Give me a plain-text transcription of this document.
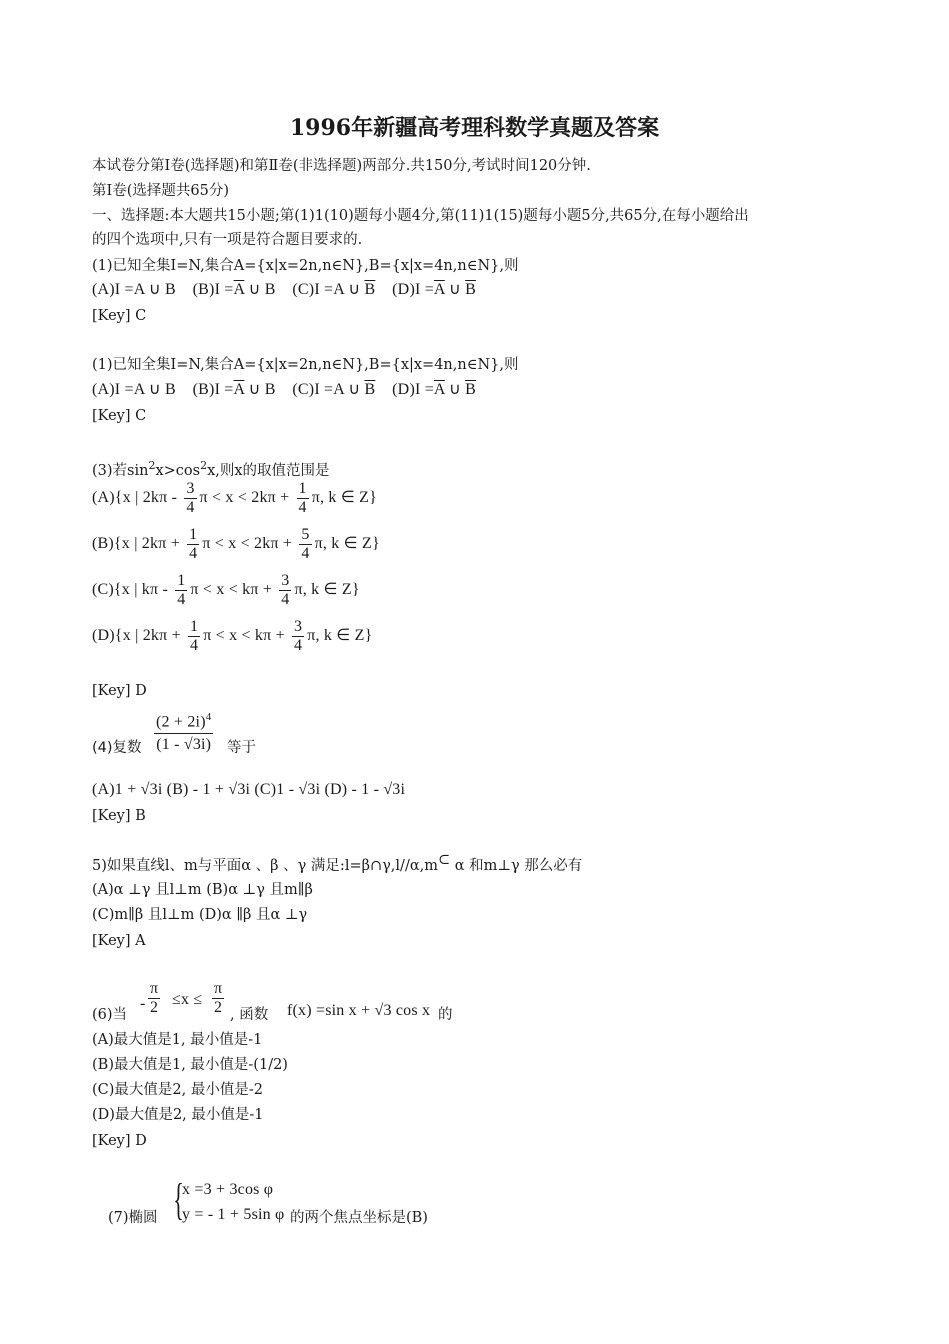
1996年新疆高考理科数学真题及答案
本试卷分第Ⅰ卷(选择题)和第Ⅱ卷(非选择题)两部分.共150分,考试时间120分钟.
第Ⅰ卷(选择题共65分)
一、选择题:本大题共15小题;第(1)1(10)题每小题4分,第(11)1(15)题每小题5分,共65分,在每小题给出
的四个选项中,只有一项是符合题目要求的.
(1)已知全集I=N,集合A={x|x=2n,n∈N},B={x|x=4n,n∈N},则
(A)I =A ∪ B $(B)I =\overline{A}$ ∪ B (C)I =A ∪ $\overline{B}$ $(D)I =\overline{A}$ ∪ $\overline{B}$
[Key] C
(1)已知全集I=N,集合A={x|x=2n,n∈N},B={x|x=4n,n∈N},则
(A)I =A ∪ B $(B)I =\overline{A}$ ∪ B (C)I =A ∪ $\overline{B}$ $(D)I =\overline{A}$ ∪ $\overline{B}$
[Key] C
(3)若$\sin^2x>\cos^2x$,则x的取值范围是
(A){x | $2k\pi - \frac{3}{4}$ $\pi < x < 2k\pi + \frac{1}{4} \pi$, k ∈ Z}
(B){x | $2k\pi + \frac{1}{4}$ $\pi < x < 2k\pi + \frac{5}{4} \pi$, k ∈ Z}
(C){x | kπ - $\frac{1}{4}$ $\pi < x < k\pi + \frac{3}{4} \pi$, k ∈ Z}
(D){x | $2k\pi + \frac{1}{4}$ $\pi < x < k\pi + \frac{3}{4} \pi$, k ∈ Z}
[Key] D
(4)复数
$(2 + 2i)^4$
(1 - √3i) 等于
(A)1 + √3i (B) - 1 + √3i (C)1 - √3i (D) - 1 - √3i
[Key] B
5)如果直线l、m与平面α 、β 、γ 满足:l=β∩γ,l//α,m⊂ α 和m⊥γ 那么必有
(A)α ⊥γ 且l⊥m (B)α ⊥γ 且m∥β
(C)m∥β 且l⊥m (D)α ∥β 且α ⊥γ
[Key] A
(6)当
-
π
2 ≤x ≤
π
2 , 函数 f(x) =sin x + √3 cos x 的
(A)最大值是1, 最小值是-1
(B)最大值是1, 最小值是-(1/2)
(C)最大值是2, 最小值是-2
(D)最大值是2, 最小值是-1
[Key] D
(7)椭圆 {
x =3 + 3cos φ
y = - 1 + 5sin φ 的两个焦点坐标是(B)
